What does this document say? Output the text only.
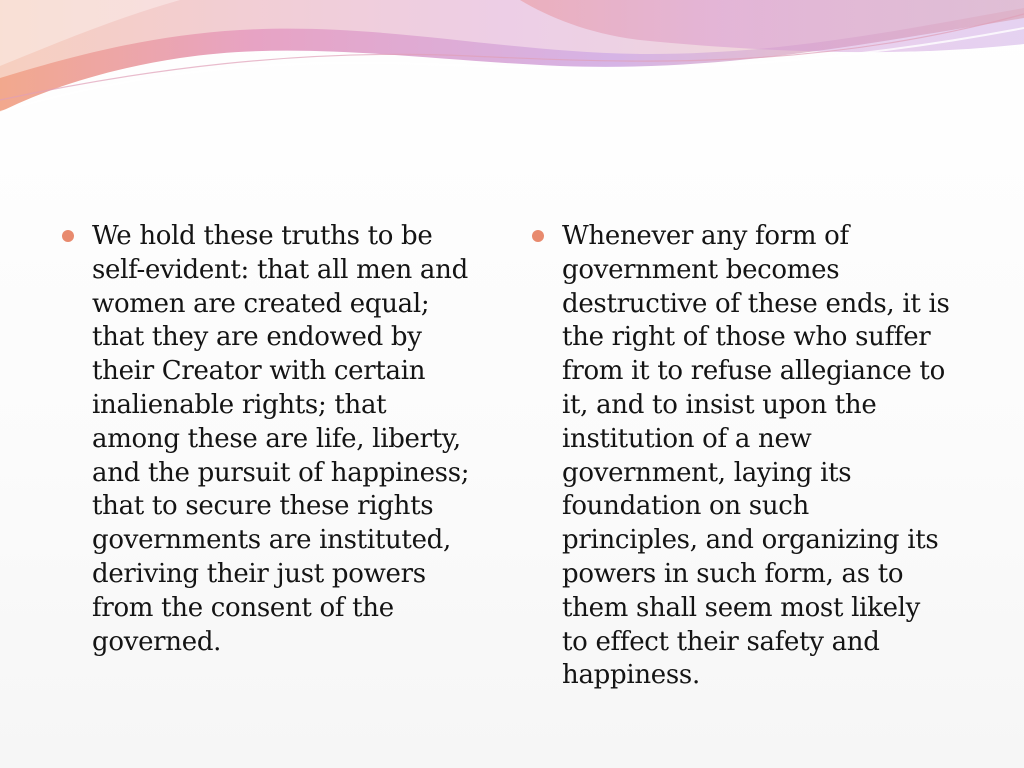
We hold these truths to be
self-evident: that all men and
women are created equal;
that they are endowed by
their Creator with certain
inalienable rights; that
among these are life, liberty,
and the pursuit of happiness;
that to secure these rights
governments are instituted,
deriving their just powers
from the consent of the
governed.

Whenever any form of
government becomes
destructive of these ends, it is
the right of those who suffer
from it to refuse allegiance to
it, and to insist upon the
institution of a new
government, laying its
foundation on such
principles, and organizing its
powers in such form, as to
them shall seem most likely
to effect their safety and
happiness.
